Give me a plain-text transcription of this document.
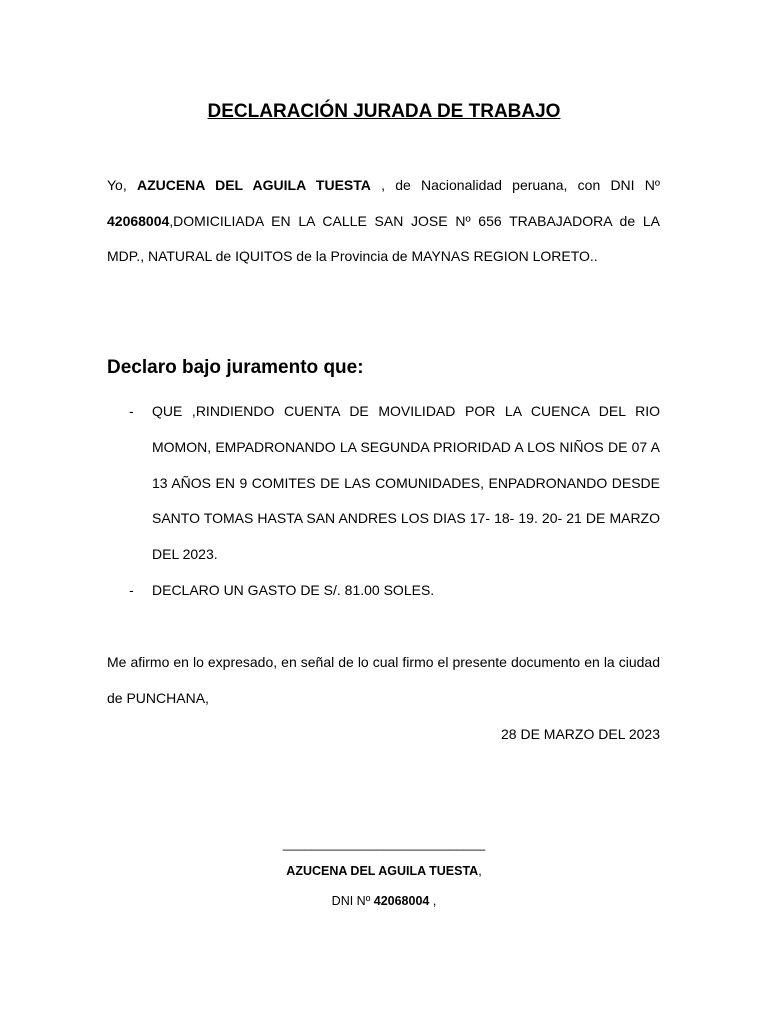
DECLARACIÓN JURADA DE TRABAJO

Yo, AZUCENA DEL AGUILA TUESTA , de Nacionalidad peruana, con DNI Nº 42068004,DOMICILIADA EN LA CALLE SAN JOSE Nº 656 TRABAJADORA de LA MDP., NATURAL de IQUITOS de la Provincia de MAYNAS REGION LORETO..

Declaro bajo juramento que:
- QUE ,RINDIENDO CUENTA DE MOVILIDAD POR LA CUENCA DEL RIO MOMON, EMPADRONANDO LA SEGUNDA PRIORIDAD A LOS NIÑOS DE 07 A 13 AÑOS EN 9 COMITES DE LAS COMUNIDADES, ENPADRONANDO DESDE SANTO TOMAS HASTA SAN ANDRES LOS DIAS 17- 18- 19. 20- 21 DE MARZO DEL 2023.
- DECLARO UN GASTO DE S/. 81.00 SOLES.

Me afirmo en lo expresado, en señal de lo cual firmo el presente documento en la ciudad de PUNCHANA,

28 DE MARZO DEL 2023

____________________________

AZUCENA DEL AGUILA TUESTA,

DNI Nº 42068004 ,
